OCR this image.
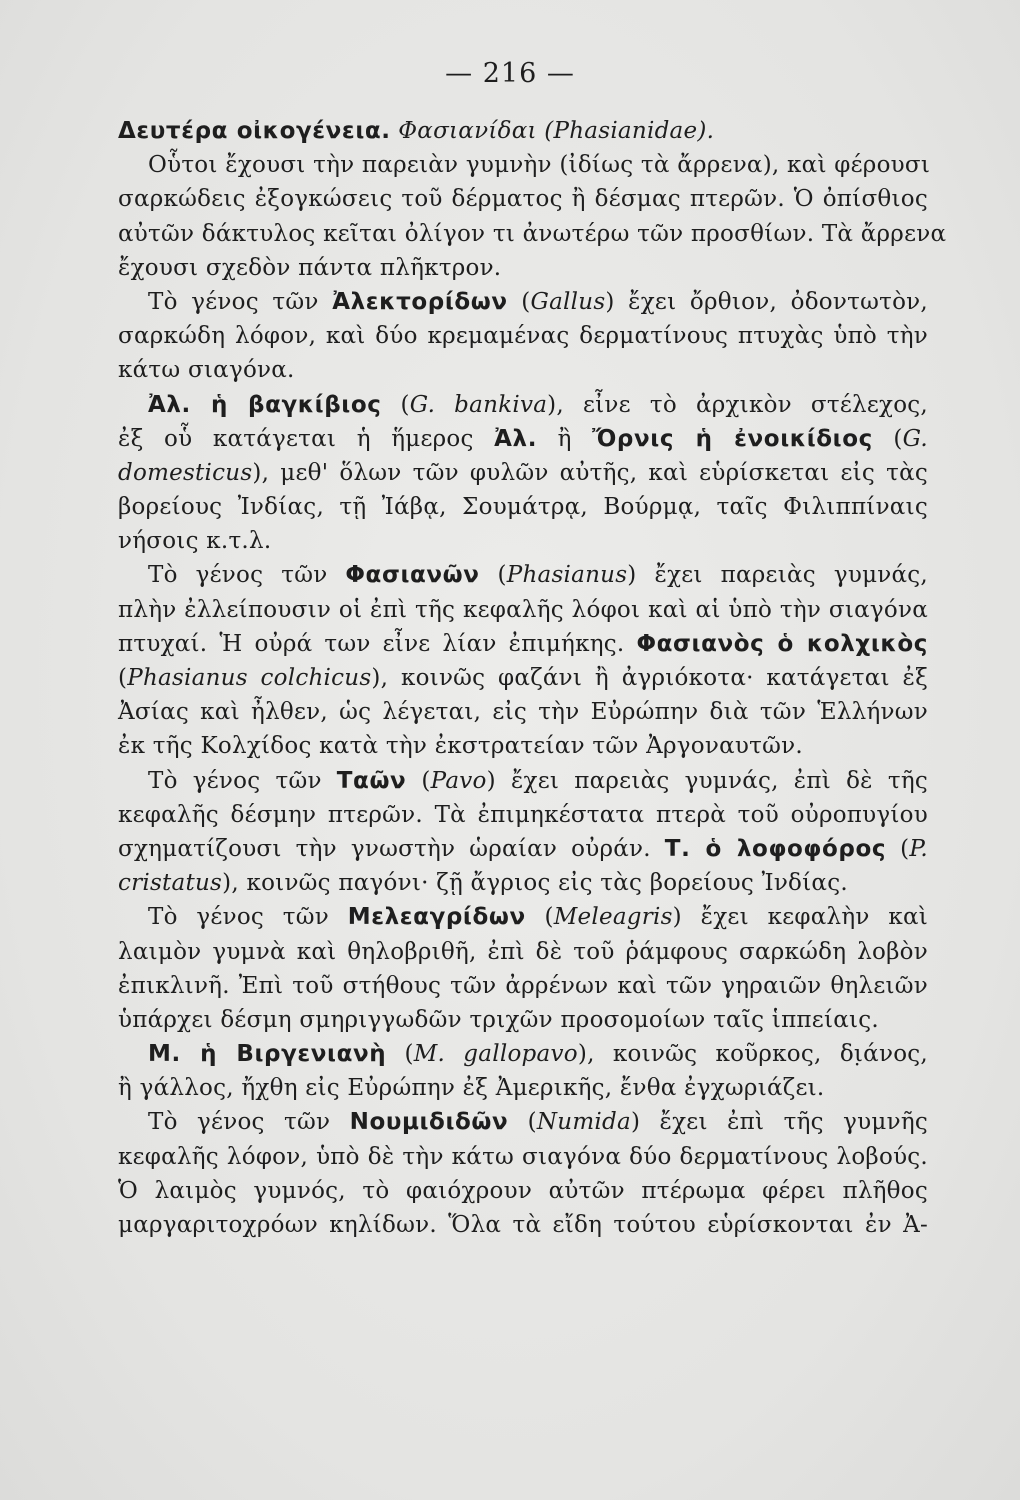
— 216 —
Δευτέρα οἰκογένεια. Φασιανίδαι (Phasianidae).
Οὗτοι ἔχουσι τὴν παρειὰν γυμνὴν (ἰδίως τὰ ἄρρενα), καὶ φέρουσι
σαρκώδεις ἐξογκώσεις τοῦ δέρματος ἢ δέσμας πτερῶν. Ὁ ὀπίσθιος
αὐτῶν δάκτυλος κεῖται ὀλίγον τι ἀνωτέρω τῶν προσθίων. Τὰ ἄρρενα
ἔχουσι σχεδὸν πάντα πλῆκτρον.
Τὸ γένος τῶν Ἀλεκτορίδων (Gallus) ἔχει ὄρθιον, ὀδοντωτὸν,
σαρκώδη λόφον, καὶ δύο κρεμαμένας δερματίνους πτυχὰς ὑπὸ τὴν
κάτω σιαγόνα.
Ἀλ. ἡ βαγκίβιος (G. bankiva), εἶνε τὸ ἀρχικὸν στέλεχος,
ἐξ οὗ κατάγεται ἡ ἥμερος Ἀλ. ἢ Ὄρνις ἡ ἐνοικίδιος (G.
domesticus), μεθ' ὅλων τῶν φυλῶν αὐτῆς, καὶ εὑρίσκεται εἰς τὰς
βορείους Ἰνδίας, τῇ Ἰάβᾳ, Σουμάτρᾳ, Βούρμᾳ, ταῖς Φιλιππίναις
νήσοις κ.τ.λ.
Τὸ γένος τῶν Φασιανῶν (Phasianus) ἔχει παρειὰς γυμνάς,
πλὴν ἐλλείπουσιν οἱ ἐπὶ τῆς κεφαλῆς λόφοι καὶ αἱ ὑπὸ τὴν σιαγόνα
πτυχαί. Ἡ οὐρά των εἶνε λίαν ἐπιμήκης. Φασιανὸς ὁ κολχικὸς
(Phasianus colchicus), κοινῶς φαζάνι ἢ ἀγριόκοτα· κατάγεται ἐξ
Ἀσίας καὶ ἦλθεν, ὡς λέγεται, εἰς τὴν Εὐρώπην διὰ τῶν Ἑλλήνων
ἐκ τῆς Κολχίδος κατὰ τὴν ἐκστρατείαν τῶν Ἀργοναυτῶν.
Τὸ γένος τῶν Ταῶν (Pavo) ἔχει παρειὰς γυμνάς, ἐπὶ δὲ τῆς
κεφαλῆς δέσμην πτερῶν. Τὰ ἐπιμηκέστατα πτερὰ τοῦ οὐροπυγίου
σχηματίζουσι τὴν γνωστὴν ὡραίαν οὐράν. Τ. ὁ λοφοφόρος (P.
cristatus), κοινῶς παγόνι· ζῇ ἄγριος εἰς τὰς βορείους Ἰνδίας.
Τὸ γένος τῶν Μελεαγρίδων (Meleagris) ἔχει κεφαλὴν καὶ
λαιμὸν γυμνὰ καὶ θηλοβριθῆ, ἐπὶ δὲ τοῦ ῥάμφους σαρκώδη λοβὸν
ἐπικλινῆ. Ἐπὶ τοῦ στήθους τῶν ἀρρένων καὶ τῶν γηραιῶν θηλειῶν
ὑπάρχει δέσμη σμηριγγωδῶν τριχῶν προσομοίων ταῖς ἱππείαις.
Μ. ἡ Βιργενιανὴ (M. gallopavo), κοινῶς κοῦρκος, δι̣άνος,
ἢ γάλλος, ἤχθη εἰς Εὐρώπην ἐξ Ἀμερικῆς, ἔνθα ἐγχωριάζει.
Τὸ γένος τῶν Νουμιδιδῶν (Numida) ἔχει ἐπὶ τῆς γυμνῆς
κεφαλῆς λόφον, ὑπὸ δὲ τὴν κάτω σιαγόνα δύο δερματίνους λοβούς.
Ὁ λαιμὸς γυμνός, τὸ φαιόχρουν αὐτῶν πτέρωμα φέρει πλῆθος
μαργαριτοχρόων κηλίδων. Ὅλα τὰ εἴδη τούτου εὑρίσκονται ἐν Ἀ-
